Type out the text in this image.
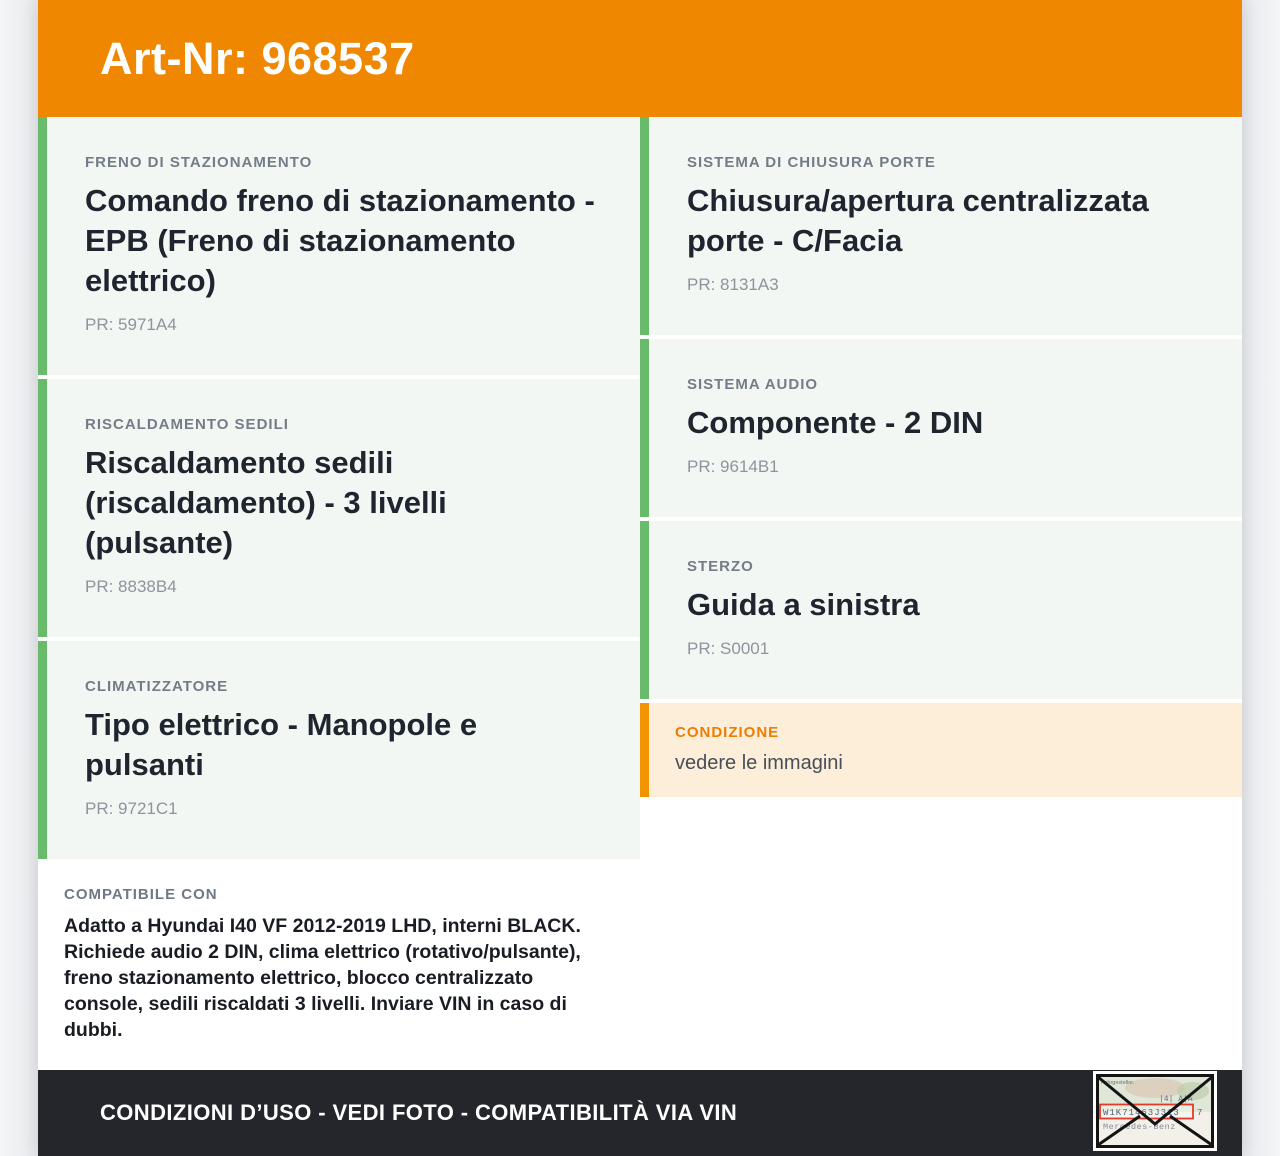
Art-Nr: 968537
FRENO DI STAZIONAMENTO
Comando freno di stazionamento - EPB (Freno di stazionamento elettrico)
PR: 5971A4
RISCALDAMENTO SEDILI
Riscaldamento sedili (riscaldamento) - 3 livelli (pulsante)
PR: 8838B4
CLIMATIZZATORE
Tipo elettrico - Manopole e pulsanti
PR: 9721C1
COMPATIBILE CON
Adatto a Hyundai I40 VF 2012-2019 LHD, interni BLACK. Richiede audio 2 DIN, clima elettrico (rotativo/pulsante), freno stazionamento elettrico, blocco centralizzato console, sedili riscaldati 3 livelli. Inviare VIN in caso di dubbi.
SISTEMA DI CHIUSURA PORTE
Chiusura/apertura centralizzata porte - C/Facia
PR: 8131A3
SISTEMA AUDIO
Componente - 2 DIN
PR: 9614B1
STERZO
Guida a sinistra
PR: S0001
CONDIZIONE
vedere le immagini
CONDIZIONI D’USO - VEDI FOTO - COMPATIBILITÀ VIA VIN
Fahrgestellnr.
|4| A|A
W1K71463J313 7
Mercedes-Benz
